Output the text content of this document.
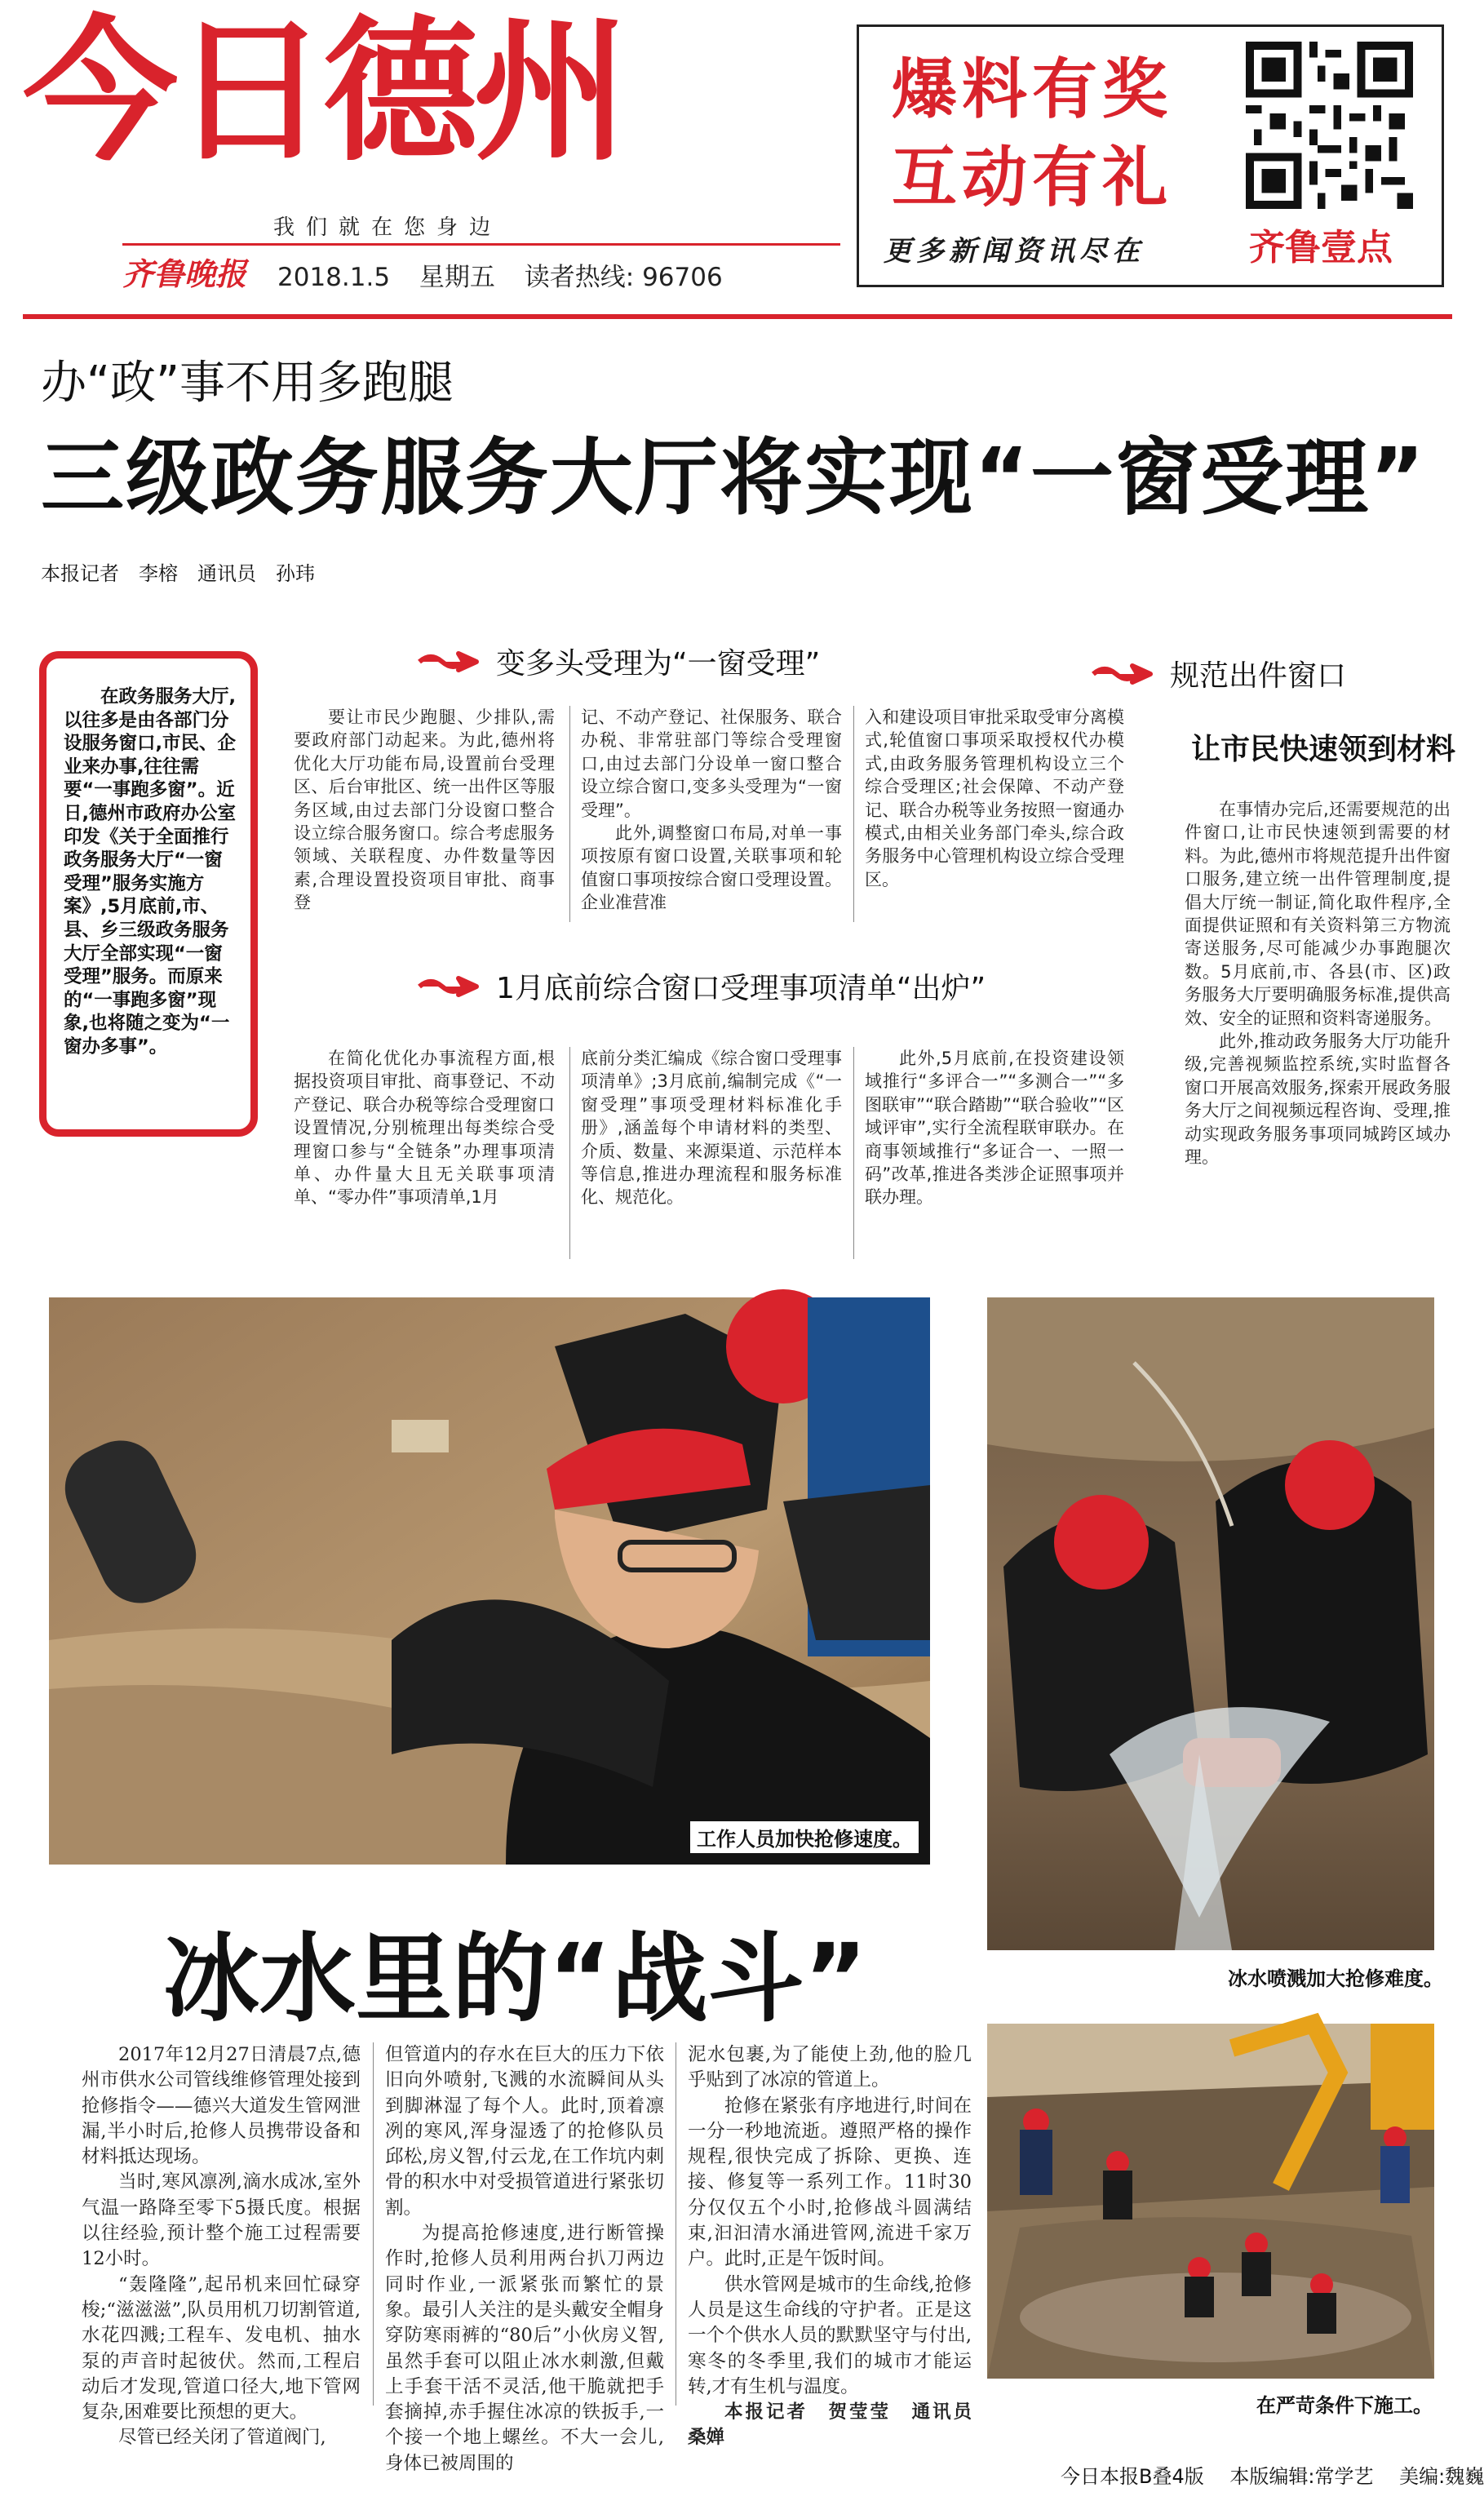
今日德州
我们就在您身边
齐鲁晚报 2018.1.5 星期五 读者热线: 96706
爆料有奖
互动有礼
更多新闻资讯尽在	齐鲁壹点
办“政”事不用多跑腿
三级政务服务大厅将实现“一窗受理”
本报记者　李榕　通讯员　孙玮

在政务服务大厅,以往多是由各部门分设服务窗口,市民、企业来办事,往往需要“一事跑多窗”。近日,德州市政府办公室印发《关于全面推行政务服务大厅“一窗受理”服务实施方案》,5月底前,市、县、乡三级政务服务大厅全部实现“一窗受理”服务。而原来的“一事跑多窗”现象,也将随之变为“一窗办多事”。

变多头受理为“一窗受理”

要让市民少跑腿、少排队,需要政府部门动起来。为此,德州将优化大厅功能布局,设置前台受理区、后台审批区、统一出件区等服务区域,由过去部门分设窗口整合设立综合服务窗口。综合考虑服务领域、关联程度、办件数量等因素,合理设置投资项目审批、商事登

记、不动产登记、社保服务、联合办税、非常驻部门等综合受理窗口,由过去部门分设单一窗口整合设立综合窗口,变多头受理为“一窗受理”。

此外,调整窗口布局,对单一事项按原有窗口设置,关联事项和轮值窗口事项按综合窗口受理设置。企业准营准

入和建设项目审批采取受审分离模式,轮值窗口事项采取授权代办模式,由政务服务管理机构设立三个综合受理区;社会保障、不动产登记、联合办税等业务按照一窗通办模式,由相关业务部门牵头,综合政务服务中心管理机构设立综合受理区。

1月底前综合窗口受理事项清单“出炉”

在简化优化办事流程方面,根据投资项目审批、商事登记、不动产登记、联合办税等综合受理窗口设置情况,分别梳理出每类综合受理窗口参与“全链条”办理事项清单、办件量大且无关联事项清单、“零办件”事项清单,1月

底前分类汇编成《综合窗口受理事项清单》;3月底前,编制完成《“一窗受理”事项受理材料标准化手册》,涵盖每个申请材料的类型、介质、数量、来源渠道、示范样本等信息,推进办理流程和服务标准化、规范化。

此外,5月底前,在投资建设领域推行“多评合一”“多测合一”“多图联审”“联合踏勘”“联合验收”“区域评审”,实行全流程联审联办。在商事领域推行“多证合一、一照一码”改革,推进各类涉企证照事项并联办理。

规范出件窗口
让市民快速领到材料

在事情办完后,还需要规范的出件窗口,让市民快速领到需要的材料。为此,德州市将规范提升出件窗口服务,建立统一出件管理制度,提倡大厅统一制证,简化取件程序,全面提供证照和有关资料第三方物流寄送服务,尽可能减少办事跑腿次数。5月底前,市、各县(市、区)政务服务大厅要明确服务标准,提供高效、安全的证照和资料寄递服务。

此外,推动政务服务大厅功能升级,完善视频监控系统,实时监督各窗口开展高效服务,探索开展政务服务大厅之间视频远程咨询、受理,推动实现政务服务事项同城跨区域办理。

工作人员加快抢修速度。
冰水喷溅加大抢修难度。
在严苛条件下施工。
冰水里的“战斗”

2017年12月27日清晨7点,德州市供水公司管线维修管理处接到抢修指令——德兴大道发生管网泄漏,半小时后,抢修人员携带设备和材料抵达现场。

当时,寒风凛冽,滴水成冰,室外气温一路降至零下5摄氏度。根据以往经验,预计整个施工过程需要12小时。

“轰隆隆”,起吊机来回忙碌穿梭;“滋滋滋”,队员用机刀切割管道,水花四溅;工程车、发电机、抽水泵的声音时起彼伏。然而,工程启动后才发现,管道口径大,地下管网复杂,困难要比预想的更大。

尽管已经关闭了管道阀门,

但管道内的存水在巨大的压力下依旧向外喷射,飞溅的水流瞬间从头到脚淋湿了每个人。此时,顶着凛冽的寒风,浑身湿透了的抢修队员邱松,房义智,付云龙,在工作坑内刺骨的积水中对受损管道进行紧张切割。

为提高抢修速度,进行断管操作时,抢修人员利用两台扒刀两边同时作业,一派紧张而繁忙的景象。最引人关注的是头戴安全帽身穿防寒雨裤的“80后”小伙房义智,虽然手套可以阻止冰水刺激,但戴上手套干活不灵活,他干脆就把手套摘掉,赤手握住冰凉的铁扳手,一个接一个地上螺丝。不大一会儿,身体已被周围的

泥水包裹,为了能使上劲,他的脸几乎贴到了冰凉的管道上。

抢修在紧张有序地进行,时间在一分一秒地流逝。遵照严格的操作规程,很快完成了拆除、更换、连接、修复等一系列工作。11时30分仅仅五个小时,抢修战斗圆满结束,汩汩清水涌进管网,流进千家万户。此时,正是午饭时间。

供水管网是城市的生命线,抢修人员是这生命线的守护者。正是这一个个供水人员的默默坚守与付出,寒冬的冬季里,我们的城市才能运转,才有生机与温度。

本报记者　贺莹莹　通讯员　桑婵

今日本报B叠4版 本版编辑:常学艺 美编:魏巍
